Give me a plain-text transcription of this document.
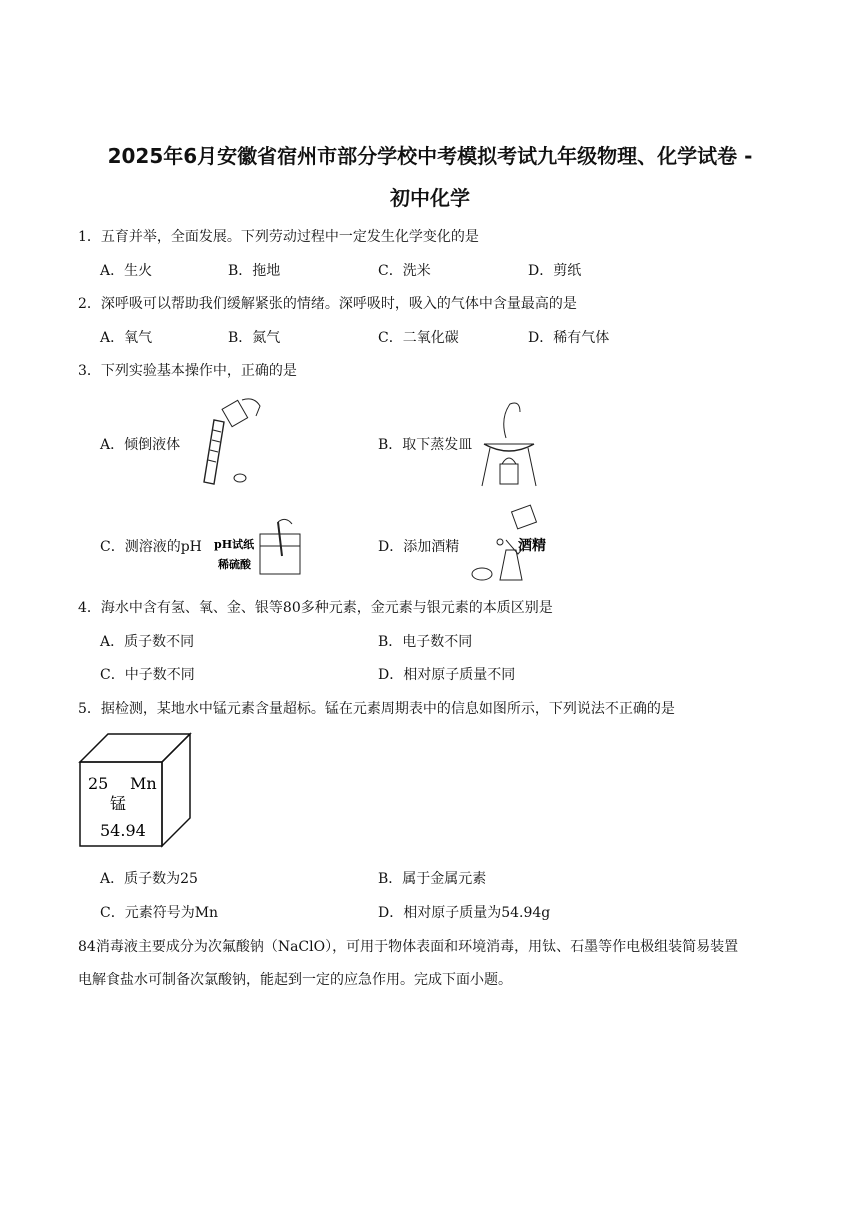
2025年6月安徽省宿州市部分学校中考模拟考试九年级物理、化学试卷 -
初中化学
1．五育并举，全面发展。下列劳动过程中一定发生化学变化的是
A．生火	B．拖地	C．洗米	D．剪纸
2．深呼吸可以帮助我们缓解紧张的情绪。深呼吸时，吸入的气体中含量最高的是
A．氧气	B．氮气	C．二氧化碳	D．稀有气体
3．下列实验基本操作中，正确的是
A．倾倒液体	B．取下蒸发皿
C．测溶液的pH pH试纸
稀硫酸
D．添加酒精	酒精
4．海水中含有氢、氧、金、银等80多种元素，金元素与银元素的本质区别是
A．质子数不同	B．电子数不同
C．中子数不同	D．相对原子质量不同
5．据检测，某地水中锰元素含量超标。锰在元素周期表中的信息如图所示，下列说法不正确的是
25 Mn
锰
54.94
A．质子数为25	B．属于金属元素
C．元素符号为Mn	D．相对原子质量为54.94g
84消毒液主要成分为次氟酸钠（NaClO），可用于物体表面和环境消毒，用钛、石墨等作电极组装简易装置
电解食盐水可制备次氯酸钠，能起到一定的应急作用。完成下面小题。
